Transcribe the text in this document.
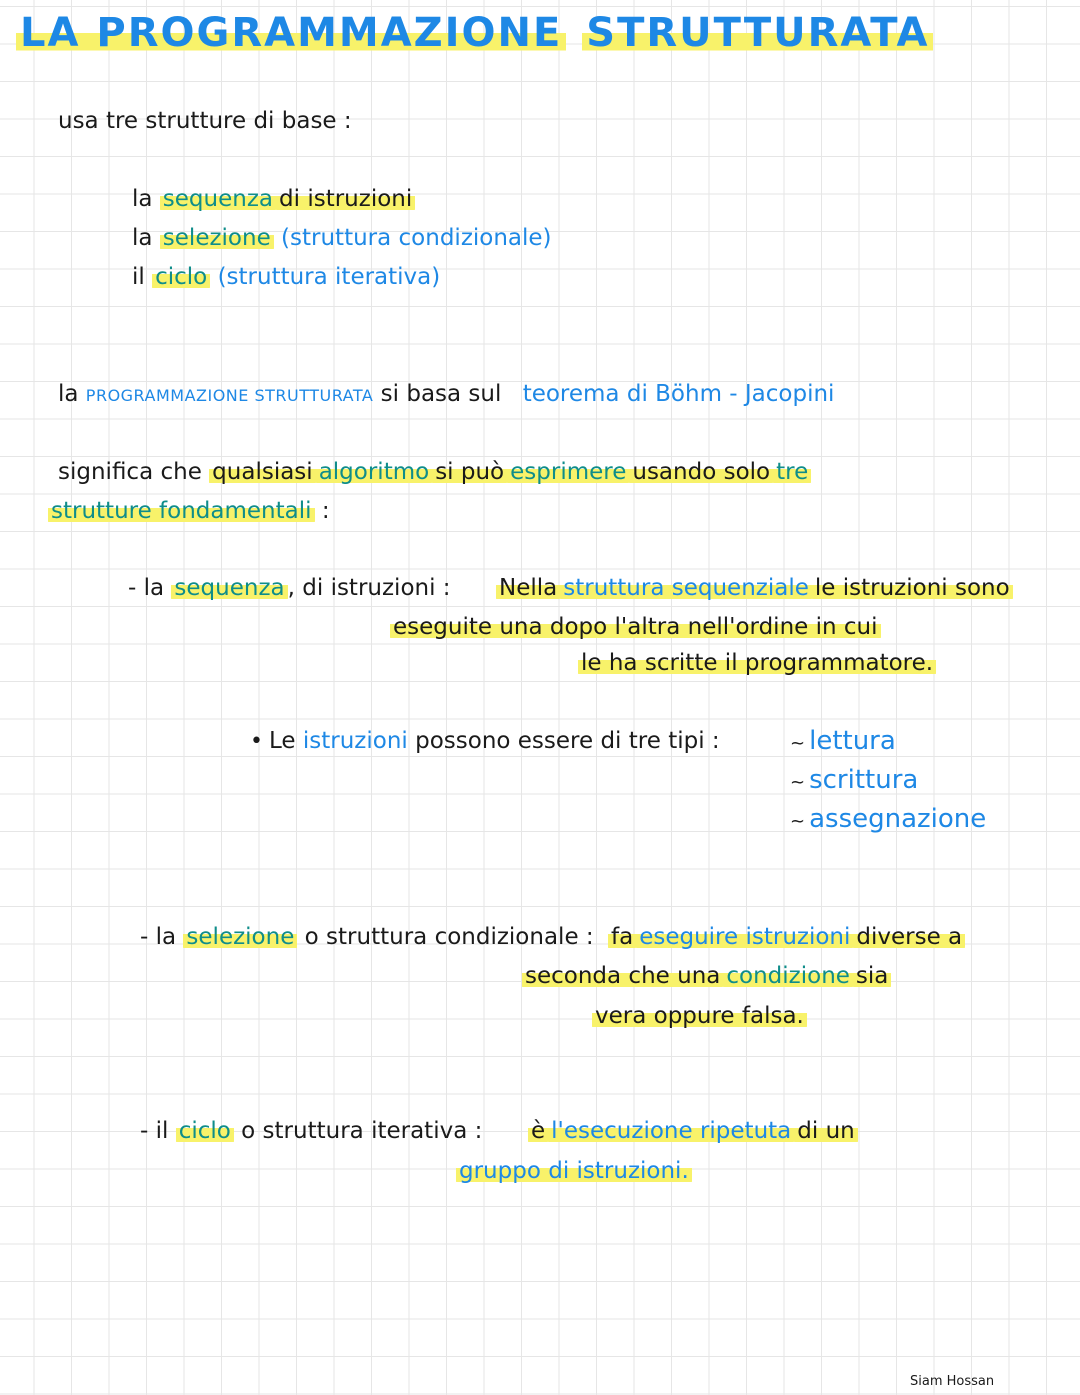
LA PROGRAMMAZIONE STRUTTURATA
usa tre strutture di base :
la sequenza di istruzioni
la selezione (struttura condizionale)
il ciclo (struttura iterativa)
la PROGRAMMAZIONE STRUTTURATA si basa sul teorema di Böhm - Jacopini
significa che qualsiasi algoritmo si può esprimere usando solo tre
strutture fondamentali :
- la sequenza , di istruzioni : Nella struttura sequenziale le istruzioni sono
eseguite una dopo l'altra nell'ordine in cui
le ha scritte il programmatore.
• Le istruzioni possono essere di tre tipi :	~ lettura
~ scrittura
~ assegnazione
- la selezione o struttura condizionale : fa eseguire istruzioni diverse a
seconda che una condizione sia
vera oppure falsa.
- il ciclo o struttura iterativa : è l'esecuzione ripetuta di un
gruppo di istruzioni.
Siam Hossan
